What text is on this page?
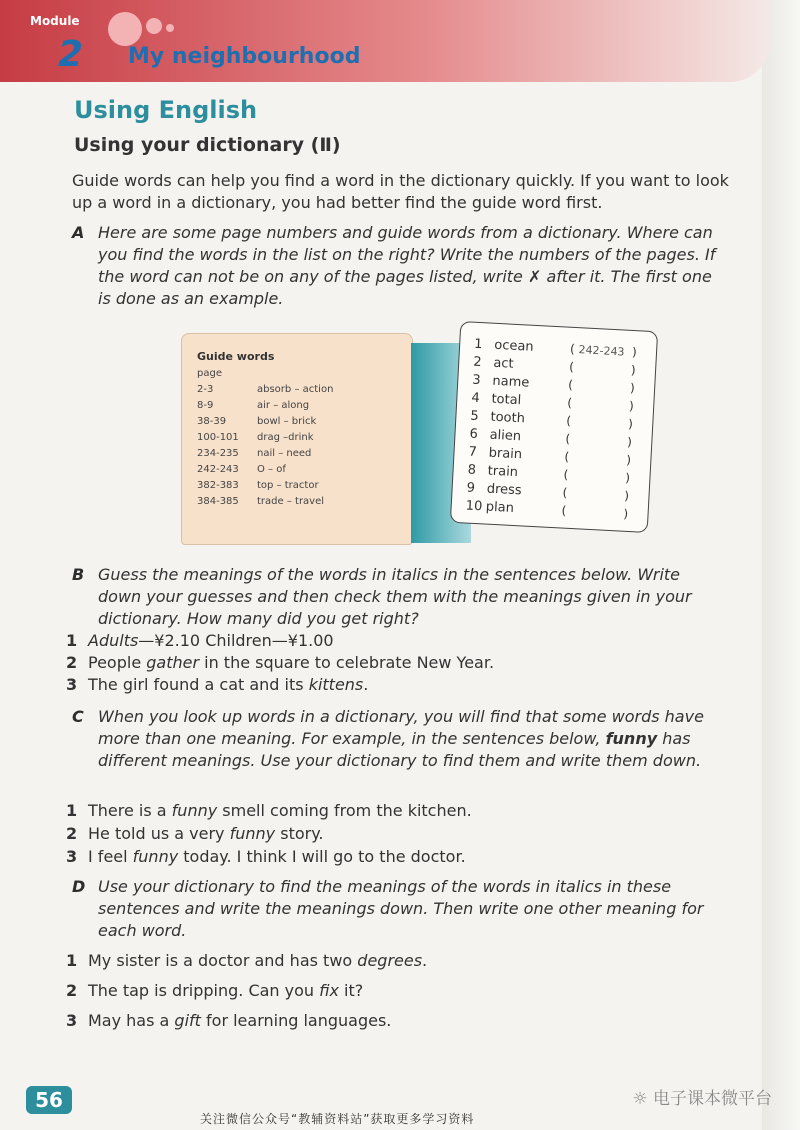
Module
2 My neighbourhood
Using English
Using your dictionary (Ⅱ)
Guide words can help you find a word in the dictionary quickly. If you want to look up a word in a dictionary, you had better find the guide word first.
A Here are some page numbers and guide words from a dictionary. Where can you find the words in the list on the right? Write the numbers of the pages. If the word can not be on any of the pages listed, write ✗ after it. The first one is done as an example.
Guide words
page
2-3	absorb – action
8-9	air – along
38-39	bowl – brick
100-101 drag –drink
234-235 nail – need
242-243 O – of
382-383 top – tractor
384-385 trade – travel
1 ocean	( 242-243  )
2 act	(               )
3 name	(               )
4 total	(               )
5 tooth	(               )
6 alien	(               )
7 brain	(               )
8 train	(               )
9 dress	(               )
10 plan	(               )
B Guess the meanings of the words in italics in the sentences below. Write down your guesses and then check them with the meanings given in your dictionary. How many did you get right?
1 Adults—¥2.10 Children—¥1.00
2 People gather in the square to celebrate New Year.
3 The girl found a cat and its kittens.
C When you look up words in a dictionary, you will find that some words have more than one meaning. For example, in the sentences below, funny has different meanings. Use your dictionary to find them and write them down.
1 There is a funny smell coming from the kitchen.
2 He told us a very funny story.
3 I feel funny today. I think I will go to the doctor.
D Use your dictionary to find the meanings of the words in italics in these sentences and write the meanings down. Then write one other meaning for each word.
1 My sister is a doctor and has two degrees.
2 The tap is dripping. Can you fix it?
3 May has a gift for learning languages.
56	☼ 电子课本微平台
关注微信公众号“教辅资料站”获取更多学习资料
